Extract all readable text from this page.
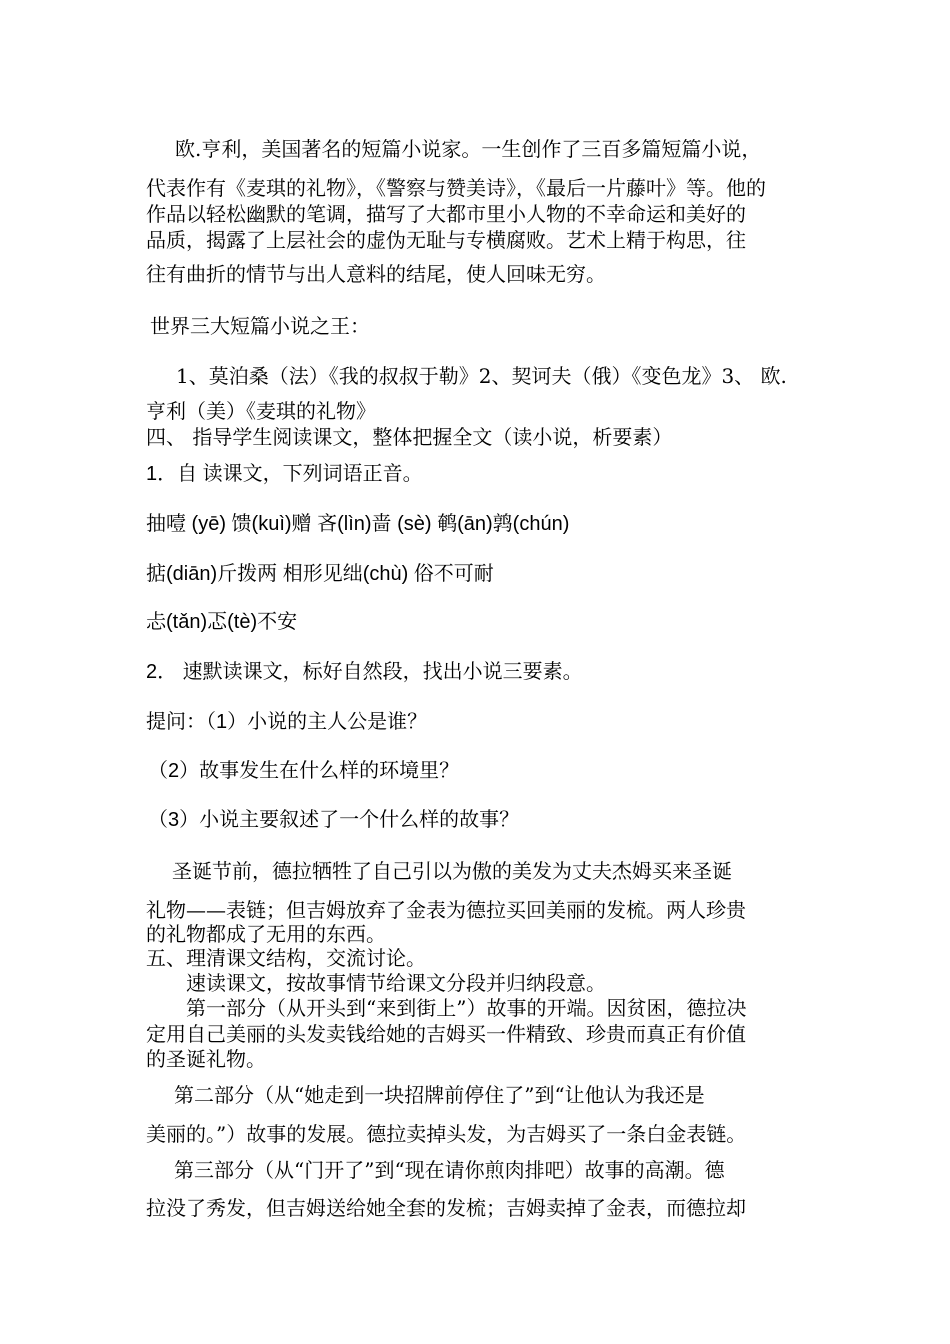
欧.亨利，美国著名的短篇小说家。一生创作了三百多篇短篇小说，
代表作有《麦琪的礼物》，《警察与赞美诗》，《最后一片藤叶》等。他的
作品以轻松幽默的笔调，描写了大都市里小人物的不幸命运和美好的
品质，揭露了上层社会的虚伪无耻与专横腐败。艺术上精于构思，往
往有曲折的情节与出人意料的结尾，使人回味无穷。
世界三大短篇小说之王：
1、莫泊桑（法）《我的叔叔于勒》2、契诃夫（俄）《变色龙》3、 欧.
亨利（美）《麦琪的礼物》
四、 指导学生阅读课文，整体把握全文（读小说，析要素）
1．自 读课文，下列词语正音。
抽噎 (yē) 馈(kuì)赠 吝(lìn)啬 (sè) 鹌(ān)鹑(chún)
掂(diān)斤拨两 相形见绌(chù) 俗不可耐
忐(tǎn)忑(tè)不安
2． 速默读课文，标好自然段，找出小说三要素。
提问：（1）小说的主人公是谁？
（2）故事发生在什么样的环境里？
（3）小说主要叙述了一个什么样的故事？
圣诞节前，德拉牺牲了自己引以为傲的美发为丈夫杰姆买来圣诞
礼物——表链；但吉姆放弃了金表为德拉买回美丽的发梳。两人珍贵
的礼物都成了无用的东西。
五、理清课文结构，交流讨论。
速读课文，按故事情节给课文分段并归纳段意。
第一部分（从开头到“来到街上”）故事的开端。因贫困，德拉决
定用自己美丽的头发卖钱给她的吉姆买一件精致、珍贵而真正有价值
的圣诞礼物。
第二部分（从“她走到一块招牌前停住了”到“让他认为我还是
美丽的。”）故事的发展。德拉卖掉头发，为吉姆买了一条白金表链。
第三部分（从“门开了”到“现在请你煎肉排吧）故事的高潮。德
拉没了秀发，但吉姆送给她全套的发梳；吉姆卖掉了金表，而德拉却
